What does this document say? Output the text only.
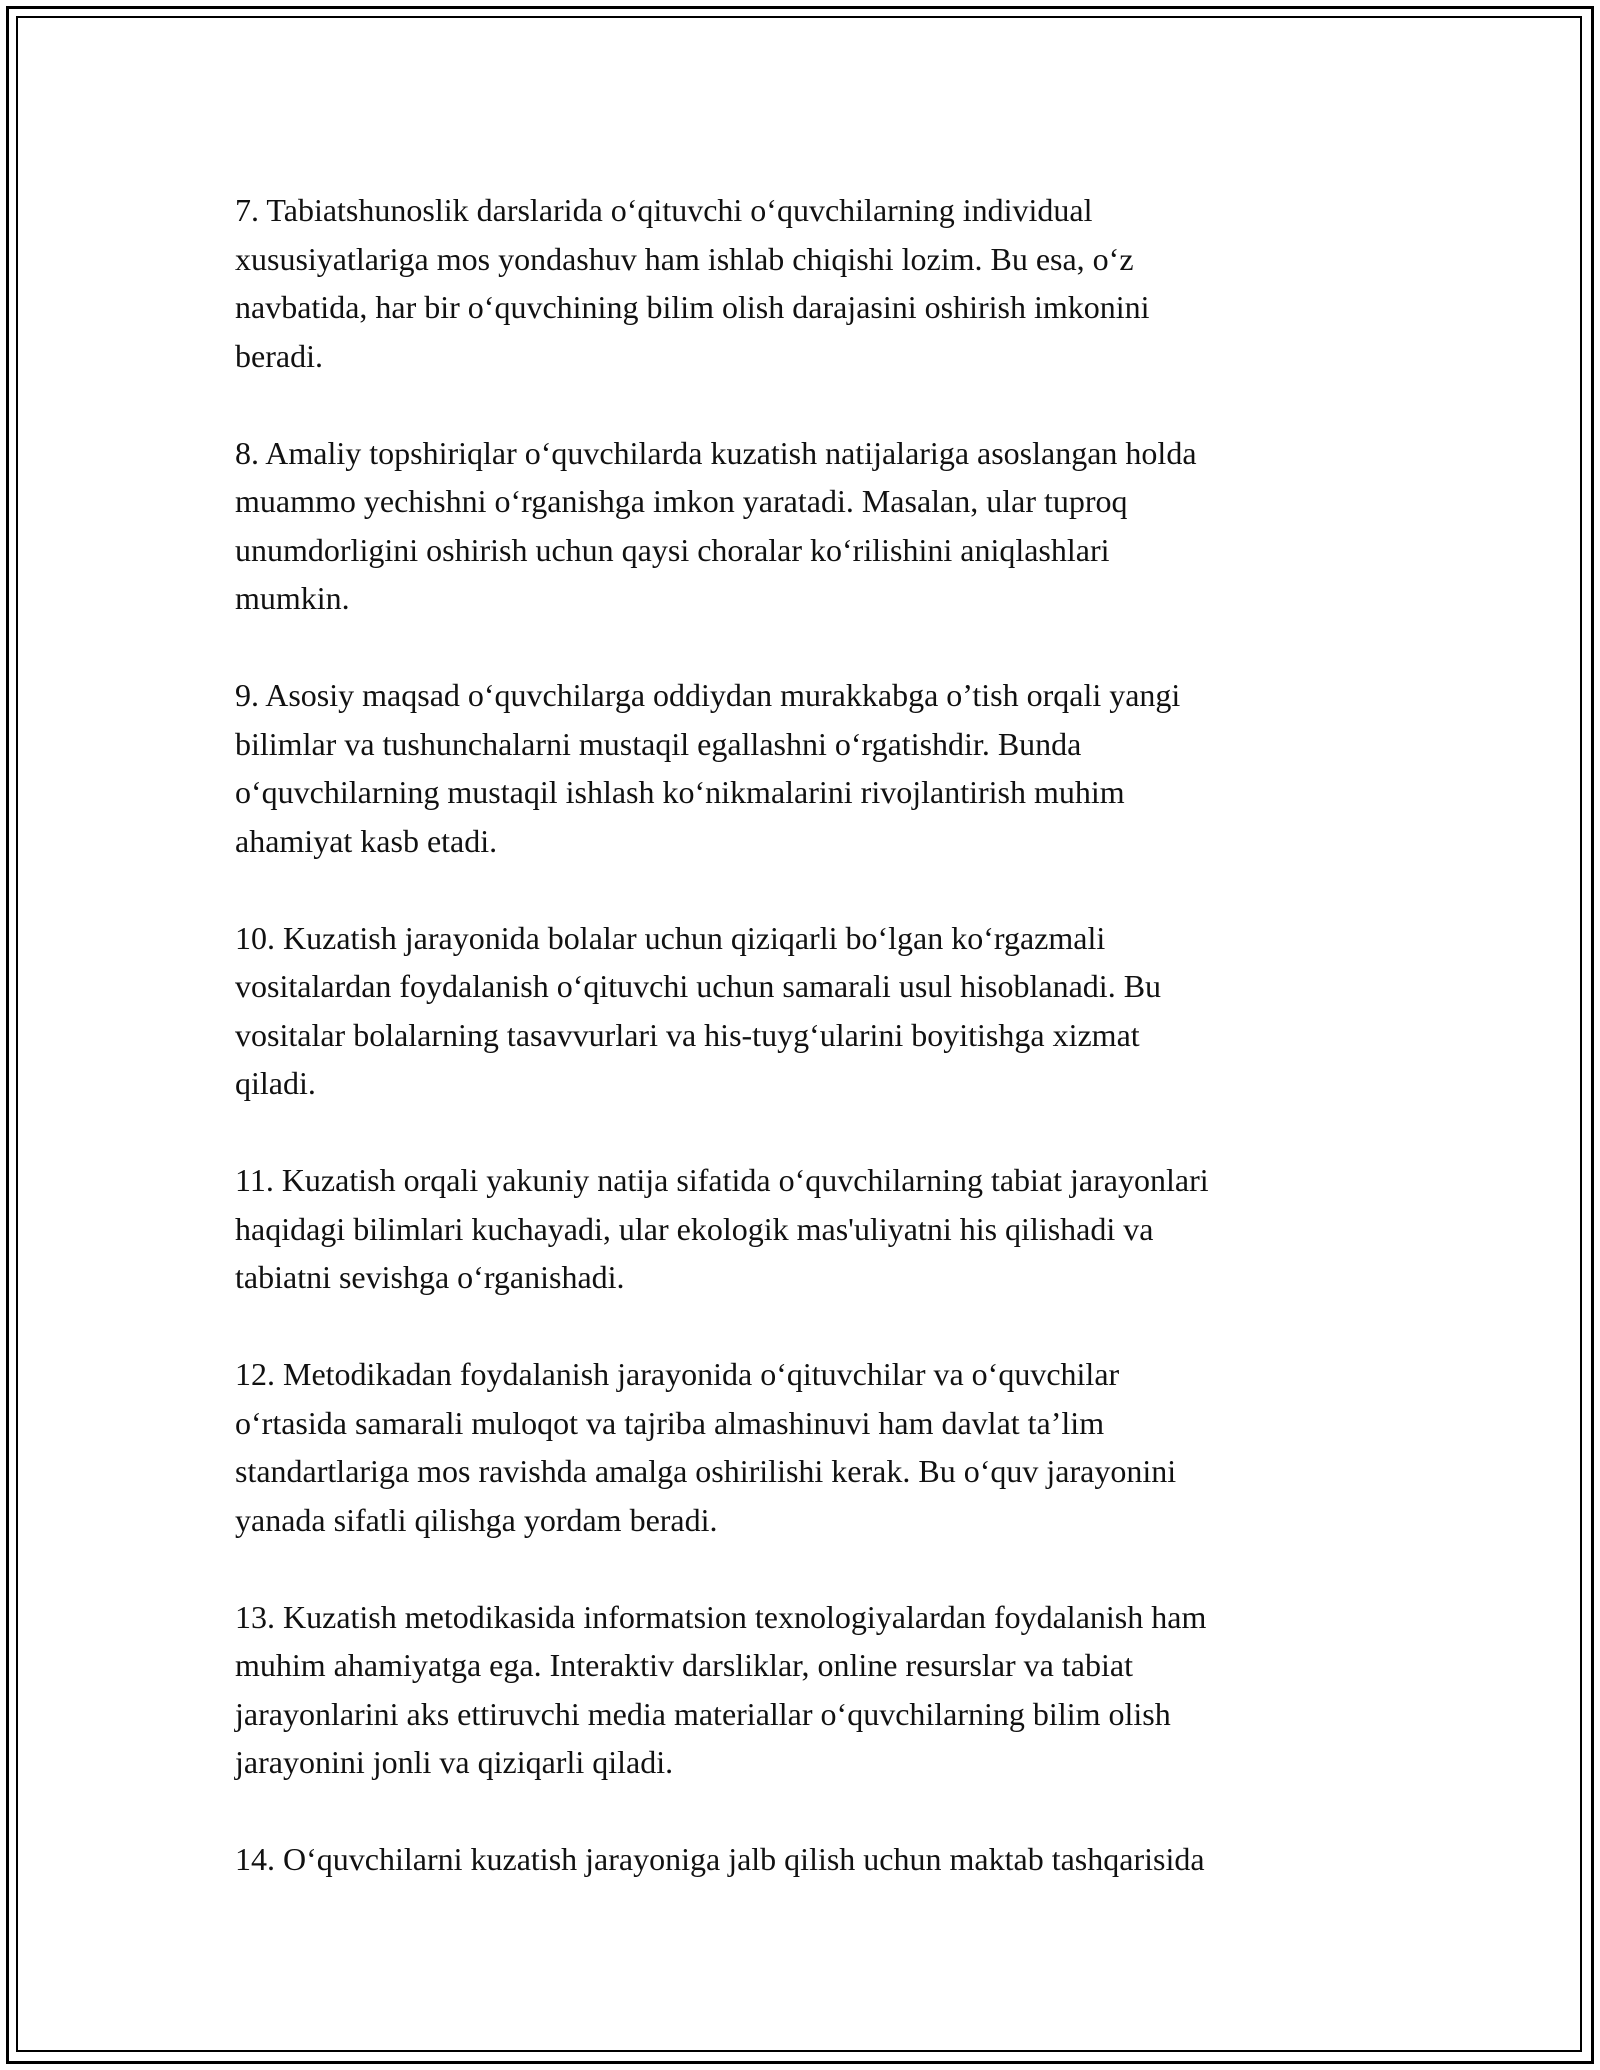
7. Tabiatshunoslik darslarida oʻqituvchi oʻquvchilarning individual
xususiyatlariga mos yondashuv ham ishlab chiqishi lozim. Bu esa, oʻz
navbatida, har bir oʻquvchining bilim olish darajasini oshirish imkonini
beradi.

8. Amaliy topshiriqlar oʻquvchilarda kuzatish natijalariga asoslangan holda
muammo yechishni oʻrganishga imkon yaratadi. Masalan, ular tuproq
unumdorligini oshirish uchun qaysi choralar koʻrilishini aniqlashlari
mumkin.

9. Asosiy maqsad oʻquvchilarga oddiydan murakkabga o’tish orqali yangi
bilimlar va tushunchalarni mustaqil egallashni oʻrgatishdir. Bunda
oʻquvchilarning mustaqil ishlash koʻnikmalarini rivojlantirish muhim
ahamiyat kasb etadi.

10. Kuzatish jarayonida bolalar uchun qiziqarli boʻlgan koʻrgazmali
vositalardan foydalanish oʻqituvchi uchun samarali usul hisoblanadi. Bu
vositalar bolalarning tasavvurlari va his-tuygʻularini boyitishga xizmat
qiladi.

11. Kuzatish orqali yakuniy natija sifatida oʻquvchilarning tabiat jarayonlari
haqidagi bilimlari kuchayadi, ular ekologik mas'uliyatni his qilishadi va
tabiatni sevishga oʻrganishadi.

12. Metodikadan foydalanish jarayonida oʻqituvchilar va oʻquvchilar
oʻrtasida samarali muloqot va tajriba almashinuvi ham davlat ta’lim
standartlariga mos ravishda amalga oshirilishi kerak. Bu oʻquv jarayonini
yanada sifatli qilishga yordam beradi.

13. Kuzatish metodikasida informatsion texnologiyalardan foydalanish ham
muhim ahamiyatga ega. Interaktiv darsliklar, online resurslar va tabiat
jarayonlarini aks ettiruvchi media materiallar oʻquvchilarning bilim olish
jarayonini jonli va qiziqarli qiladi.

14. Oʻquvchilarni kuzatish jarayoniga jalb qilish uchun maktab tashqarisida
